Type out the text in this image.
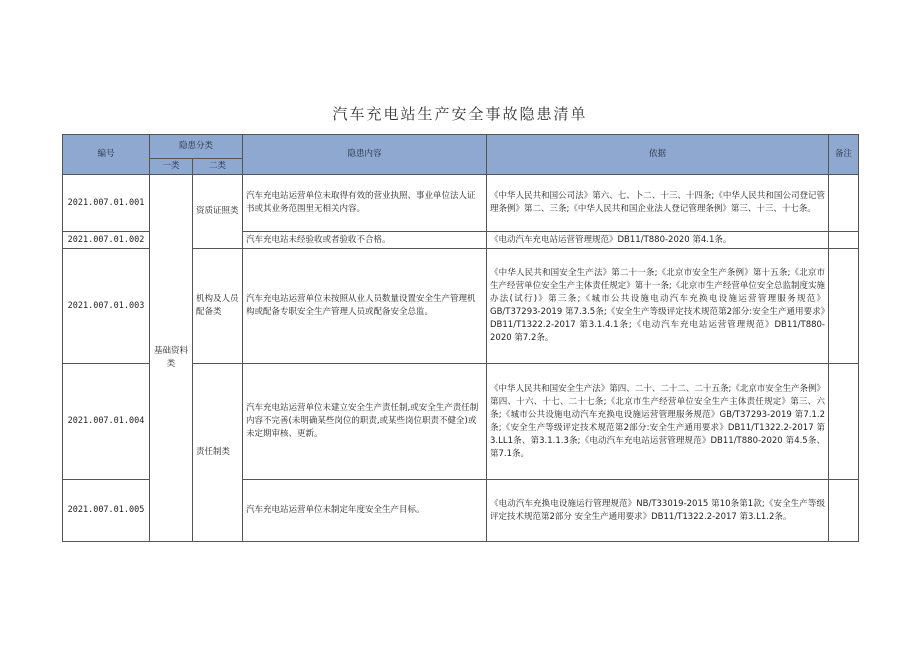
汽车充电站生产安全事故隐患清单
编号	隐患分类		隐患内容	依据	备注
	一类	二类			
2021.007.01.001	基础资料类	资质证照类	汽车充电站运营单位未取得有效的营业执照、事业单位法人证书或其业务范围里无相关内容。	《中华人民共和国公司法》第六、七、卜二、十三、十四条;《中华人民共和国公司登记管理条例》第二、三条;《中华人民共和国企业法人登记管理条例》第三、十三、十七条。	
2021.007.01.002			汽车充电站未经验收或者验收不合格。	《电动汽车充电站运营管理规范》DB11/T880-2020 第4.1条。	
2021.007.01.003		机构及人员配备类	汽车充电站运营单位未按照从业人员数量设置安全生产管理机构或配备专职安全生产管理人员或配备安全总监。	《中华人民共和国安全生产法》第二十一条;《北京市安全生产条例》第十五条;《北京市生产经营单位安全生产主体责任规定》第十一条;《北京市生产经营单位安全总监制度实施办法(试行)》第三条;《城市公共设施电动汽车充换电设施运营管理服务规范》GB/T37293-2019 第7.3.5条;《安全生产等级评定技术规范第2部分:安全生产通用要求》DB11/T1322.2-2017 第3.1.4.1条;《电动汽车充电站运营管理规范》DB11/T880-2020 第7.2条。	
2021.007.01.004		责任制类	汽车充电站运营单位未建立安全生产责任制,或安全生产责任制内容不完善(未明确某些岗位的职责,或某些岗位职责不健全)或未定期审核、更新。	《中华人民共和国安全生产法》第四、二十、二十二、二十五条;《北京市安全生产条例》第四、十六、十七、二十七条;《北京市生产经营单位安全生产主体责任规定》第三、六条;《城市公共设施电动汽车充换电设施运营管理服务规范》GB/T37293-2019 第7.1.2条;《安全生产等级评定技术规范第2部分:安全生产通用要求》DB11/T1322.2-2017 第3.LL1条、第3.1.1.3条;《电动汽车充电站运营管理规范》DB11/T880-2020 第4.5条、第7.1条。	
2021.007.01.005			汽车充电站运营单位未制定年度安全生产目标。	《电动汽车充换电设施运行管理规范》NB/T33019-2015 第10条第1款;《安全生产等级评定技术规范第2部分 安全生产通用要求》DB11/T1322.2-2017 第3.L1.2条。	
